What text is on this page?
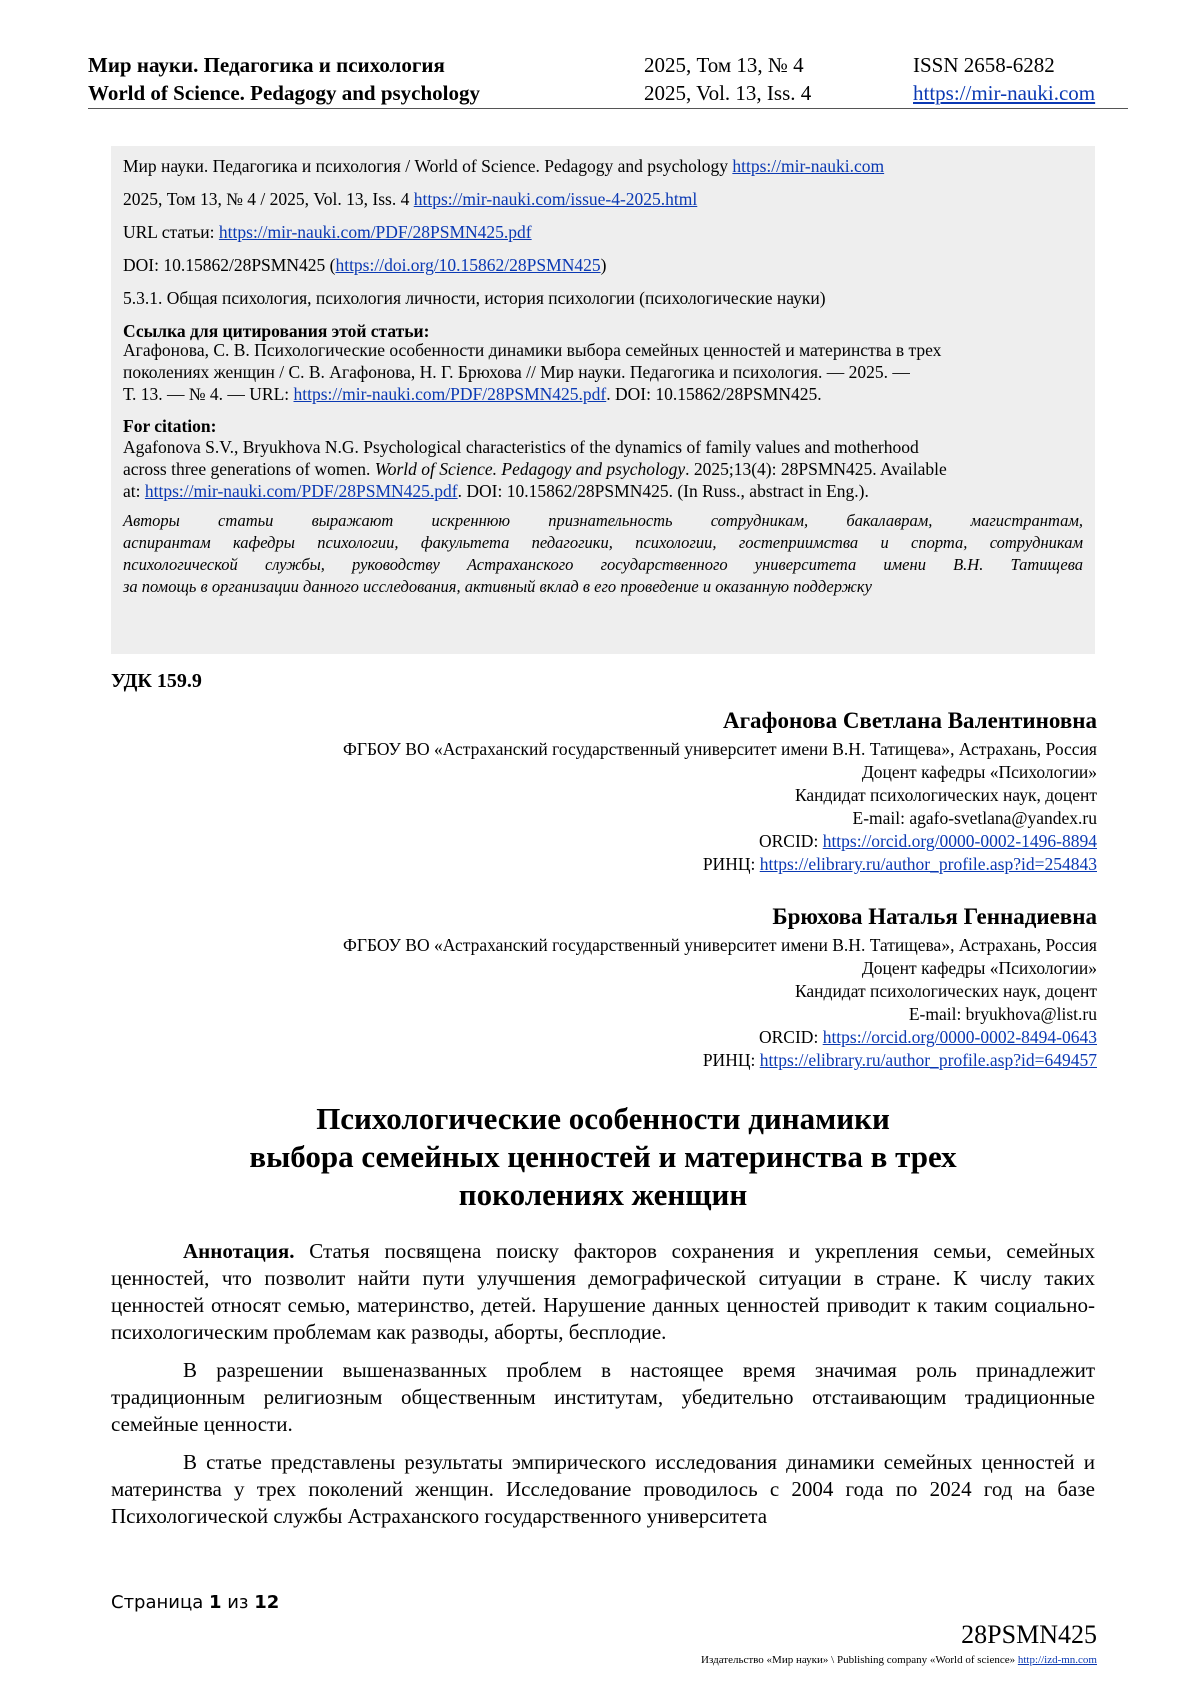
Мир науки. Педагогика и психология	2025, Том 13, № 4	ISSN 2658-6282
World of Science. Pedagogy and psychology	2025, Vol. 13, Iss. 4	https://mir-nauki.com

Мир науки. Педагогика и психология / World of Science. Pedagogy and psychology https://mir-nauki.com

2025, Том 13, № 4 / 2025, Vol. 13, Iss. 4 https://mir-nauki.com/issue-4-2025.html

URL статьи: https://mir-nauki.com/PDF/28PSMN425.pdf

DOI: 10.15862/28PSMN425 (https://doi.org/10.15862/28PSMN425)

5.3.1. Общая психология, психология личности, история психологии (психологические науки)

Ссылка для цитирования этой статьи:

Агафонова, С. В. Психологические особенности динамики выбора семейных ценностей и материнства в трех

поколениях женщин / С. В. Агафонова, Н. Г. Брюхова // Мир науки. Педагогика и психология. — 2025. —

Т. 13. — № 4. — URL: https://mir-nauki.com/PDF/28PSMN425.pdf. DOI: 10.15862/28PSMN425.

For citation:

Agafonova S.V., Bryukhova N.G. Psychological characteristics of the dynamics of family values and motherhood

across three generations of women. World of Science. Pedagogy and psychology. 2025;13(4): 28PSMN425. Available

at: https://mir-nauki.com/PDF/28PSMN425.pdf. DOI: 10.15862/28PSMN425. (In Russ., abstract in Eng.).

Авторы статьи выражают искреннюю признательность сотрудникам, бакалаврам, магистрантам,

аспирантам кафедры психологии, факультета педагогики, психологии, гостеприимства и спорта, сотрудникам

психологической службы, руководству Астраханского государственного университета имени В.Н. Татищева

за помощь в организации данного исследования, активный вклад в его проведение и оказанную поддержку

УДК 159.9
Агафонова Светлана Валентиновна
ФГБОУ ВО «Астраханский государственный университет имени В.Н. Татищева», Астрахань, Россия
Доцент кафедры «Психологии»
Кандидат психологических наук, доцент
E-mail: agafo-svetlana@yandex.ru
ORCID: https://orcid.org/0000-0002-1496-8894
РИНЦ: https://elibrary.ru/author_profile.asp?id=254843
Брюхова Наталья Геннадиевна
ФГБОУ ВО «Астраханский государственный университет имени В.Н. Татищева», Астрахань, Россия
Доцент кафедры «Психологии»
Кандидат психологических наук, доцент
E-mail: bryukhova@list.ru
ORCID: https://orcid.org/0000-0002-8494-0643
РИНЦ: https://elibrary.ru/author_profile.asp?id=649457
Психологические особенности динамики
выбора семейных ценностей и материнства в трех
поколениях женщин

Аннотация. Статья посвящена поиску факторов сохранения и укрепления семьи, семейных ценностей, что позволит найти пути улучшения демографической ситуации в стране. К числу таких ценностей относят семью, материнство, детей. Нарушение данных ценностей приводит к таким социально-психологическим проблемам как разводы, аборты, бесплодие.

В разрешении вышеназванных проблем в настоящее время значимая роль принадлежит традиционным религиозным общественным институтам, убедительно отстаивающим традиционные семейные ценности.

В статье представлены результаты эмпирического исследования динамики семейных ценностей и материнства у трех поколений женщин. Исследование проводилось с 2004 года по 2024 год на базе Психологической службы Астраханского государственного университета

Страница 1 из 12
28PSMN425
Издательство «Мир науки» \ Publishing company «World of science» http://izd-mn.com
